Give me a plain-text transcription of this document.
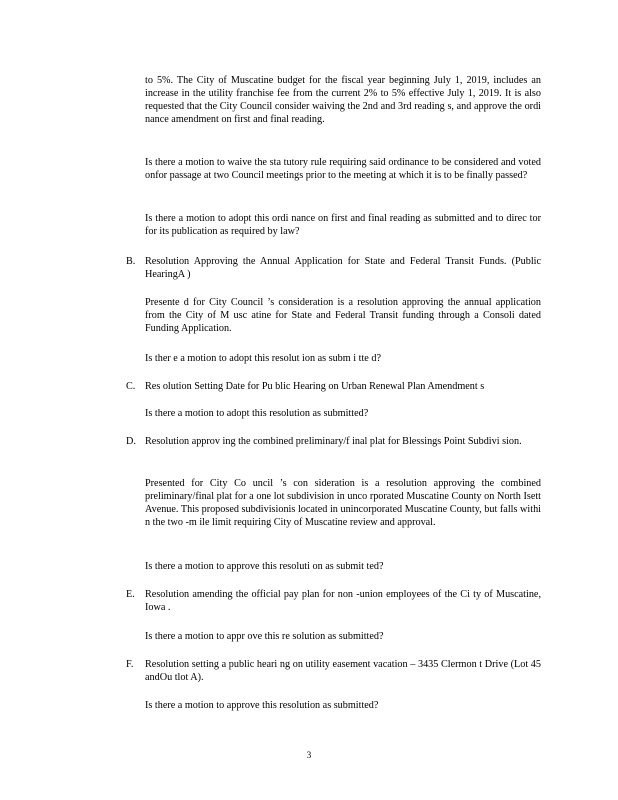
to 5%. The City of Muscatine budget for the fiscal year beginning July 1, 2019, includes an increase in the utility franchise fee from the current 2% to 5% effective July 1, 2019. It is also requested that the City Council consider waiving the 2nd and 3rd reading s, and approve the ordi nance amendment on first and final reading.

Is there a motion to waive the sta tutory rule requiring said ordinance to be considered and voted onfor passage at two Council meetings prior to the meeting at which it is to be finally passed?

Is there a motion to adopt this ordi nance on first and final reading as submitted and to direc tor for its publication as required by law?

B. Resolution Approving the Annual Application for State and Federal Transit Funds. (Public HearingA )

Presente d for City Council ’s consideration is a resolution approving the annual application from the City of M usc atine for State and Federal Transit funding through a Consoli dated Funding Application.

Is ther e a motion to adopt this resolut ion as subm i tte d?

C. Res olution Setting Date for Pu blic Hearing on Urban Renewal Plan Amendment s

Is there a motion to adopt this resolution as submitted?

D. Resolution approv ing the combined preliminary/f inal plat for Blessings Point Subdivi sion.

Presented for City Co uncil ’s con sideration is a resolution approving the combined preliminary/final plat for a one lot subdivision in unco rporated Muscatine County on North Isett Avenue. This proposed subdivisionis located in unincorporated Muscatine County, but falls withi n the two -m ile limit requiring City of Muscatine review and approval.

Is there a motion to approve this resoluti on as submit ted?

E. Resolution amending the official pay plan for non -union employees of the Ci ty of Muscatine, Iowa .

Is there a motion to appr ove this re solution as submitted?

F. Resolution setting a public heari ng on utility easement vacation – 3435 Clermon t Drive (Lot 45 andOu tlot A).

Is there a motion to approve this resolution as submitted?

3
